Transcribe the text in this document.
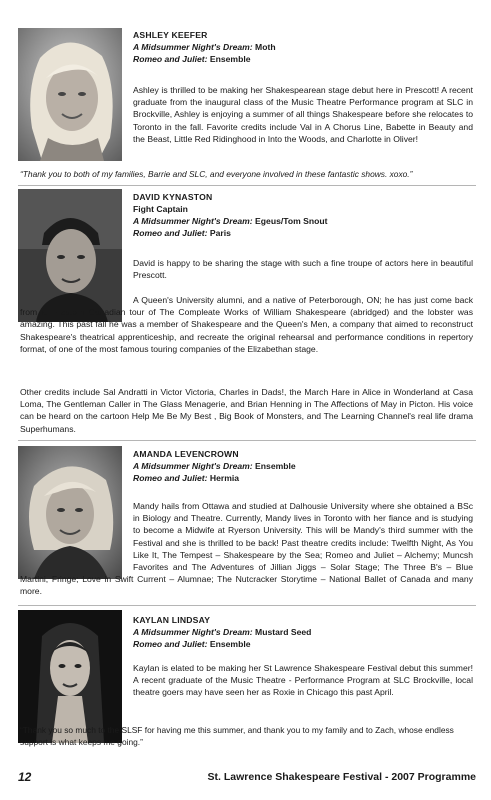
ASHLEY KEEFER
A Midsummer Night's Dream: Moth
Romeo and Juliet: Ensemble
Ashley is thrilled to be making her Shakespearean stage debut here in Prescott! A recent graduate from the inaugural class of the Music Theatre Performance program at SLC in Brockville, Ashley is enjoying a summer of all things Shakespeare before she relocates to Toronto in the fall. Favorite credits include Val in A Chorus Line, Babette in Beauty and the Beast, Little Red Ridinghood in Into the Woods, and Charlotte in Oliver!
“Thank you to both of my families, Barrie and SLC, and everyone involved in these fantastic shows. xoxo.”
DAVID KYNASTON
Fight Captain
A Midsummer Night's Dream: Egeus/Tom Snout
Romeo and Juliet: Paris
David is happy to be sharing the stage with such a fine troupe of actors here in beautiful Prescott.
A Queen's University alumni, and a native of Peterborough, ON; he has just come back from an Eastern Canadian tour of The Compleate Works of William Shakespeare (abridged) and the lobster was amazing. This past fall he was a member of Shakespeare and the Queen's Men, a company that aimed to reconstruct Shakespeare's theatrical apprenticeship, and recreate the original rehearsal and performance conditions in repertory format, of one of the most famous touring companies of the Elizabethan stage.
Other credits include Sal Andratti in Victor Victoria, Charles in Dads!, the March Hare in Alice in Wonderland at Casa Loma, The Gentleman Caller in The Glass Menagerie, and Brian Henning in The Affections of May in Picton. His voice can be heard on the cartoon Help Me Be My Best , Big Book of Monsters, and The Learning Channel's real life drama Superhumans.
AMANDA LEVENCROWN
A Midsummer Night's Dream: Ensemble
Romeo and Juliet: Hermia
Mandy hails from Ottawa and studied at Dalhousie University where she obtained a BSc in Biology and Theatre. Currently, Mandy lives in Toronto with her fiance and is studying to become a Midwife at Ryerson University. This will be Mandy's third summer with the Festival and she is thrilled to be back! Past theatre credits include: Twelfth Night, As You Like It, The Tempest – Shakespeare by the Sea; Romeo and Juliet – Alchemy; Muncsh Favorites and The Adventures of Jillian Jiggs – Solar Stage; The Three B's – Blue Martini, Fringe; Love in Swift Current – Alumnae; The Nutcracker Storytime – National Ballet of Canada and many more.
KAYLAN LINDSAY
A Midsummer Night's Dream: Mustard Seed
Romeo and Juliet: Ensemble
Kaylan is elated to be making her St Lawrence Shakespeare Festival debut this summer! A recent graduate of the Music Theatre - Performance Program at SLC Brockville, local theatre goers may have seen her as Roxie in Chicago this past April.
“Thank you so much to the SLSF for having me this summer, and thank you to my family and to Zach, whose endless support is what keeps me going.”
12	St. Lawrence Shakespeare Festival - 2007 Programme
